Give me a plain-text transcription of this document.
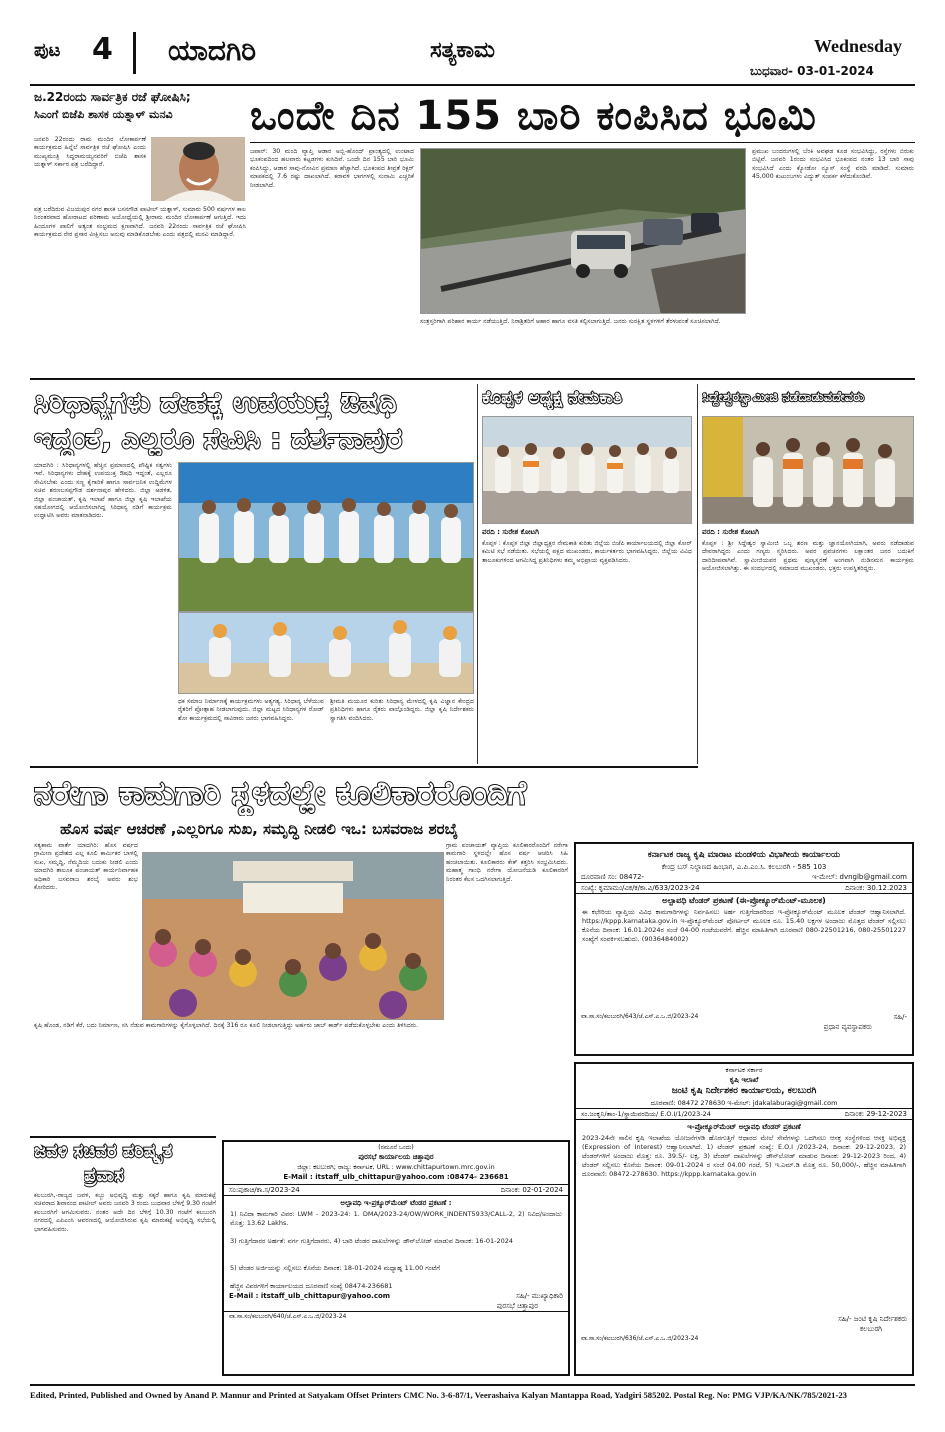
ಪುಟ 4 ಯಾದಗಿರಿ	ಸತ್ಯಕಾಮ	Wednesday
ಬುಧವಾರ- 03-01-2024
ಜ.22ರಂದು ಸಾರ್ವತ್ರಿಕ ರಜೆ ಘೋಷಿಸಿ;
ಸಿಎಂಗೆ ಬಿಜೆಪಿ ಶಾಸಕ ಯತ್ನಾಳ್ ಮನವಿ
ಜನವರಿ 22ರಂದು ರಾಮ ಮಂದಿರ ಲೋಕಾರ್ಪಣೆ ಕಾರ್ಯಕ್ರಮದ ಹಿನ್ನೆಲೆ ಸಾರ್ವತ್ರಿಕ ರಜೆ ಘೋಷಿಸಿ ಎಂದು ಮುಖ್ಯಮಂತ್ರಿ ಸಿದ್ದರಾಮಯ್ಯನವರಿಗೆ ಬಿಜೆಪಿ ಶಾಸಕ ಯತ್ನಾಳ್ ಸರ್ಕಾರ ಪತ್ರ ಬರೆದಿದ್ದಾರೆ.
ಪತ್ರ ಬರೆದಿರುವ ವಿಜಯಪುರ ನಗರ ಶಾಸಕ ಬಸನಗೌಡ ಪಾಟೀಲ್ ಯತ್ನಾಳ್, ಸುಮಾರು 500 ವರ್ಷಗಳ ಕಾಲ ನಿರಂತರವಾದ ಹೋರಾಟದ ಪರಿಣಾಮ ಅಯೋಧ್ಯೆಯಲ್ಲಿ ಶ್ರೀರಾಮ ಮಂದಿರ ಲೋಕಾರ್ಪಣೆ ಆಗುತ್ತಿದೆ. ಇದು ಹಿಂದೂಗಳ ಪಾಲಿಗೆ ಅತ್ಯಂತ ಸಂಭ್ರಮದ ಕ್ಷಣವಾಗಿದೆ. ಜನವರಿ 22ರಂದು ಸಾರ್ವತ್ರಿಕ ರಜೆ ಘೋಷಿಸಿ ಕಾರ್ಯಕ್ರಮದ ನೇರ ಪ್ರಸಾರ ವೀಕ್ಷಿಸಲು ಅನುವು ಮಾಡಿಕೊಡಬೇಕು ಎಂದು ಪತ್ರದಲ್ಲಿ ಮನವಿ ಮಾಡಿದ್ದಾರೆ.
ಒಂದೇ ದಿನ 155 ಬಾರಿ ಕಂಪಿಸಿದ ಭೂಮಿ
ಜಪಾನ್: 30 ಮಂದಿ ವ್ಯಾಪ್ತಿ ಆಡಾರ ಅಬ್ಬಿ-ಹೊಂದ್ ಪ್ರಾಂತ್ಯದಲ್ಲಿ ಉಂಟಾದ ಭೂಕಂಪದಿಂದ ಹಲವಾರು ಕಟ್ಟಡಗಳು ಕುಸಿದಿವೆ. ಒಂದೇ ದಿನ 155 ಬಾರಿ ಭೂಮಿ ಕಂಪಿಸಿದ್ದು, ಆಡಾರ ಸಾವು-ನೋವಿನ ಪ್ರಮಾಣ ಹೆಚ್ಚಾಗಿದೆ. ಭೂಕಂಪದ ತೀವ್ರತೆ ರಿಕ್ಟರ್ ಮಾಪಕದಲ್ಲಿ 7.6 ರಷ್ಟು ದಾಖಲಾಗಿದೆ. ಕರಾವಳಿ ಭಾಗಗಳಲ್ಲಿ ಸುನಾಮಿ ಎಚ್ಚರಿಕೆ ನೀಡಲಾಗಿದೆ.
ಸಂತ್ರಸ್ತರಿಗಾಗಿ ಪರಿಹಾರ ಕಾರ್ಯ ನಡೆಯುತ್ತಿದೆ. ನಿರಾಶ್ರಿತರಿಗೆ ಆಹಾರ ಹಾಗೂ ವಸತಿ ಕಲ್ಪಿಸಲಾಗುತ್ತಿದೆ. ಜನರು ಸುರಕ್ಷಿತ ಸ್ಥಳಗಳಿಗೆ ತೆರಳುವಂತೆ ಸೂಚಿಸಲಾಗಿದೆ.
ಪ್ರಮುಖ ಬಂದರುಗಳಲ್ಲಿ ಬೆಂಕಿ ಅವಘಡ ಕೂಡ ಸಂಭವಿಸಿದ್ದು, ರಸ್ತೆಗಳು ಬಿರುಕು ಬಿಟ್ಟಿವೆ. ಜನವರಿ 1ರಂದು ಸಂಭವಿಸಿದ ಭೂಕಂಪದ ನಂತರ 13 ಬಾರಿ ಸಾವು ಸಂಭವಿಸಿದೆ ಎಂದು ಕ್ಯೋಡೋ ನ್ಯೂಸ್ ಸಂಸ್ಥೆ ವರದಿ ಮಾಡಿದೆ. ಸುಮಾರು 45,000 ಕುಟುಂಬಗಳು ವಿದ್ಯುತ್ ಸಂಪರ್ಕ ಕಳೆದುಕೊಂಡಿವೆ.
ಸಿರಿಧಾನ್ಯಗಳು ದೇಹಕ್ಕೆ ಉಪಯುಕ್ತ ಔಷಧಿ
ಇದ್ದಂತೆ, ಎಲ್ಲರೂ ಸೇವಿಸಿ : ದರ್ಶನಾಪುರ
ಯಾದಗಿರಿ : ಸಿರಿಧಾನ್ಯಗಳಲ್ಲಿ ಹೆಚ್ಚಿನ ಪ್ರಮಾಣದಲ್ಲಿ ಪೌಷ್ಟಿಕ ಸತ್ವಗಳು ಇವೆ. ಸಿರಿಧಾನ್ಯಗಳು ದೇಹಕ್ಕೆ ಉಪಯುಕ್ತ ಔಷಧಿ ಇದ್ದಂತೆ, ಎಲ್ಲರೂ ಸೇವಿಸಬೇಕು ಎಂದು ಸಣ್ಣ ಕೈಗಾರಿಕೆ ಹಾಗೂ ಸಾರ್ವಜನಿಕ ಉದ್ದಿಮೆಗಳ ಸಚಿವ ಶರಣಬಸಪ್ಪಗೌಡ ದರ್ಶನಾಪುರ ಹೇಳಿದರು. ಜಿಲ್ಲಾ ಆಡಳಿತ, ಜಿಲ್ಲಾ ಪಂಚಾಯತ್, ಕೃಷಿ ಇಲಾಖೆ ಹಾಗೂ ಜಿಲ್ಲಾ ಕೃಷಿ ಇಲಾಖೆಯ ಸಹಯೋಗದಲ್ಲಿ ಆಯೋಜಿಸಲಾಗಿದ್ದ ಸಿರಿಧಾನ್ಯ ನಡಿಗೆ ಕಾರ್ಯಕ್ರಮ ಉದ್ಘಾಟಿಸಿ ಅವರು ಮಾತನಾಡಿದರು.
ಧಕ ಸಮಾಜ ನಿರ್ಮಾಣಕ್ಕೆ ಕಾರ್ಯಕ್ರಮಗಳು ಅತ್ಯಗತ್ಯ. ಸಿರಿಧಾನ್ಯ ಬೆಳೆಯುವ ರೈತರಿಗೆ ಪ್ರೋತ್ಸಾಹ ನೀಡಲಾಗುವುದು. ಜಿಲ್ಲಾ ಮಟ್ಟದ ಸಿರಿಧಾನ್ಯಗಳ ರೋಡ್ ಶೋ ಕಾರ್ಯಕ್ರಮದಲ್ಲಿ ಸಾವಿರಾರು ಜನರು ಭಾಗವಹಿಸಿದ್ದರು.
ಶ್ರೀಮತಿ ಮಯೂರ ಕುರಿತು ಸಿರಿಧಾನ್ಯ ಮೇಳದಲ್ಲಿ ಕೃಷಿ ವಿಜ್ಞಾನ ಕೇಂದ್ರದ ಪ್ರತಿನಿಧಿಗಳು ಹಾಗೂ ರೈತರು ಪಾಲ್ಗೊಂಡಿದ್ದರು. ಜಿಲ್ಲಾ ಕೃಷಿ ನಿರ್ದೇಶಕರು ಸ್ವಾಗತಿಸಿ ವಂದಿಸಿದರು.
ಕೊಪ್ಪಳ ಅಧ್ಯಕ್ಷ ನೇಮಕಾತಿ
ವರದಿ : ಸುರೇಶ ಕೋಟಗಿ
ಕೊಪ್ಪಳ : ಕೊಪ್ಪಳ ಜಿಲ್ಲಾ ಜಿಲ್ಲಾಧ್ಯಕ್ಷರ ನೇಮಕಾತಿ ಕುರಿತು ಜಿಲ್ಲೆಯ ಬಿಜೆಪಿ ಕಾರ್ಯಾಲಯದಲ್ಲಿ ಜಿಲ್ಲಾ ಕೋರ್ ಕಮಿಟಿ ಸಭೆ ನಡೆಯಿತು. ಸಭೆಯಲ್ಲಿ ಪಕ್ಷದ ಮುಖಂಡರು, ಕಾರ್ಯಕರ್ತರು ಭಾಗವಹಿಸಿದ್ದರು. ಜಿಲ್ಲೆಯ ವಿವಿಧ ತಾಲೂಕುಗಳಿಂದ ಆಗಮಿಸಿದ್ದ ಪ್ರತಿನಿಧಿಗಳು ತಮ್ಮ ಅಭಿಪ್ರಾಯ ವ್ಯಕ್ತಪಡಿಸಿದರು.
ಸಿದ್ದೇಶ್ವರಸ್ವಾಮೀಜಿ ನಡೆದಾಡುವದೇವರು
ವರದಿ : ಸುರೇಶ ಕೋಟಗಿ
ಕೊಪ್ಪಳ : ಶ್ರೀ ಸಿದ್ದೇಶ್ವರ ಸ್ವಾಮೀಜಿ ಒಬ್ಬ ಶರಣ ಮತ್ತು ಜ್ಞಾನಯೋಗಿಯಾಗಿ, ಅವರು ನಡೆದಾಡುವ ದೇವರಾಗಿದ್ದರು ಎಂದು ಗಣ್ಯರು ಸ್ಮರಿಸಿದರು. ಅವರ ಪ್ರವಚನಗಳು ಲಕ್ಷಾಂತರ ಜನರ ಬದುಕಿಗೆ ದಾರಿದೀಪವಾಗಿವೆ. ಸ್ವಾಮೀಜಿಯವರ ಪ್ರಥಮ ಪುಣ್ಯಸ್ಮರಣೆ ಅಂಗವಾಗಿ ನುಡಿನಮನ ಕಾರ್ಯಕ್ರಮ ಆಯೋಜಿಸಲಾಗಿತ್ತು. ಈ ಸಂದರ್ಭದಲ್ಲಿ ಸಮಾಜದ ಮುಖಂಡರು, ಭಕ್ತರು ಉಪಸ್ಥಿತರಿದ್ದರು.
ನರೇಗಾ ಕಾಮಗಾರಿ ಸ್ಥಳದಲ್ಲೇ ಕೂಲಿಕಾರರೊಂದಿಗೆ
ಹೊಸ ವರ್ಷ ಆಚರಣೆ ,ಎಲ್ಲರಿಗೂ ಸುಖ, ಸಮೃದ್ಧಿ ನೀಡಲಿ ಇಒ: ಬಸವರಾಜ ಶರಬೈ
ಸತ್ಯಕಾಮ ವಾರ್ತೆ ಯಾದಗಿರಿ: ಹೊಸ ವರ್ಷದ ಗ್ರಾಮೀಣ ಪ್ರದೇಶದ ಎಲ್ಲ ಕೂಲಿ ಕಾರ್ಮಿಕರ ಬಾಳಲ್ಲಿ ಸುಖ, ಸಮೃದ್ಧಿ, ನೆಮ್ಮದಿಯ ಬದುಕು ನೀಡಲಿ ಎಂದು ಯಾದಗಿರಿ ತಾಲೂಕ ಪಂಚಾಯತ್ ಕಾರ್ಯನಿರ್ವಾಹಕ ಅಧಿಕಾರಿ ಬಸವರಾಜ ಶರಬೈ ಅವರು ಶುಭ ಕೋರಿದರು.
ಗ್ರಾಮ ಪಂಚಾಯತ್ ವ್ಯಾಪ್ತಿಯ ಕೂಲಿಕಾರರೊಂದಿಗೆ ನರೇಗಾ ಕಾಮಗಾರಿ ಸ್ಥಳದಲ್ಲೇ ಹೊಸ ವರ್ಷ ಆಚರಿಸಿ ಸಿಹಿ ಹಂಚಲಾಯಿತು. ಕೂಲಿಕಾರರು ಕೇಕ್ ಕತ್ತರಿಸಿ ಸಂಭ್ರಮಿಸಿದರು. ಮಹಾತ್ಮ ಗಾಂಧಿ ನರೇಗಾ ಯೋಜನೆಯಡಿ ಕೂಲಿಕಾರರಿಗೆ ನಿರಂತರ ಕೆಲಸ ಒದಗಿಸಲಾಗುತ್ತಿದೆ.
ಕೃಷಿ ಹೊಂಡ, ನಡಿಗೆ ಕೆರೆ, ಬದು ನಿರ್ಮಾಣ, ಸಸಿ ನೆಡುವ ಕಾಮಗಾರಿಗಳನ್ನು ಕೈಗೊಳ್ಳಲಾಗಿದೆ. ದಿನಕ್ಕೆ 316 ರೂ ಕೂಲಿ ನೀಡಲಾಗುತ್ತಿದ್ದು ಅರ್ಹರು ಜಾಬ್ ಕಾರ್ಡ್ ಪಡೆದುಕೊಳ್ಳಬೇಕು ಎಂದು ತಿಳಿಸಿದರು.
ಕರ್ನಾಟಕ ರಾಜ್ಯ ಕೃಷಿ ಮಾರಾಟ ಮಂಡಳಿಯ ವಿಭಾಗೀಯ ಕಾರ್ಯಾಲಯ
ಕೇಂದ್ರ ಬಸ್ ನಿಲ್ದಾಣದ ಹಿಂಭಾಗ, ಎ.ಪಿ.ಎಂ.ಸಿ. ಕಲಬುರಗಿ - 585 103
ದೂರವಾಣಿ ಸಂ: 08472-	ಇ-ಮೇಲ್: dvnglb@gmail.com
ಸಂಖ್ಯೆ: ಕೃಮಾಮಂ/ವಿಕ/ಕ/ಕಾ.ವಿ/633/2023-24	ದಿನಾಂಕ: 30.12.2023
ಅಲ್ಪಾವಧಿ ಟೆಂಡರ್ ಪ್ರಕಟಣೆ (ಈ-ಪ್ರೋಕ್ಯೂರ್‌ಮೆಂಟ್-ಮೂಲಕ)
ಈ ಕಛೇರಿಯ ವ್ಯಾಪ್ತಿಯ ವಿವಿಧ ಕಾಮಗಾರಿಗಳನ್ನು ನಿರ್ವಹಿಸಲು ಅರ್ಹ ಗುತ್ತಿಗೆದಾರರಿಂದ ಇ-ಪ್ರೋಕ್ಯೂರ್‌ಮೆಂಟ್ ಮೂಲಕ ಟೆಂಡರ್ ಆಹ್ವಾನಿಸಲಾಗಿದೆ. https://kppp.karnataka.gov.in ಇ-ಪ್ರೊಕ್ಯೂರ್‌ಮೆಂಟ್ ಪೋರ್ಟಲ್ ಮೂಲಕ ರೂ. 15.40 ಲಕ್ಷಗಳ ಅಂದಾಜು ಮೊತ್ತದ ಟೆಂಡರ್ ಸಲ್ಲಿಸಲು ಕೊನೆಯ ದಿನಾಂಕ: 16.01.2024ರ ಸಂಜೆ 04-00 ಗಂಟೆಯವರೆಗೆ. ಹೆಚ್ಚಿನ ಮಾಹಿತಿಗಾಗಿ ದೂರವಾಣಿ 080-22501216, 080-25501227 ಸಂಖ್ಯೆಗೆ ಸಂಪರ್ಕಿಸಬಹುದು. (9036484002)
ವಾ.ಸಾ.ಸಂ/ಕಲಬುರಗಿ/643/ಜೆ.ಎಸ್.ಎ.ಒ.ಜಿ/2023-24	ಸಹಿ/-
ಪ್ರಧಾನ ವ್ಯವಸ್ಥಾಪಕರು
ಜವಳಿ ಸಚಿವರ ಪರಿಷ್ಕೃತ
ಪ್ರವಾಸ
ಕಲಬುರಗಿ,-ರಾಜ್ಯದ ಜವಳಿ, ಕಬ್ಬು ಅಭಿವೃದ್ಧಿ ಮತ್ತು ಸಕ್ಕರೆ ಹಾಗೂ ಕೃಷಿ ಮಾರುಕಟ್ಟೆ ಸಚಿವರಾದ ಶಿವಾನಂದ ಪಾಟೀಲ್ ಅವರು ಜನವರಿ 3 ರಂದು ಬುಧವಾರ ಬೆಳಿಗ್ಗೆ 9.30 ಗಂಟೆಗೆ ಕಲಬುರಗಿಗೆ ಆಗಮಿಸುವರು. ನಂತರ ಅದೇ ದಿನ ಬೆಳಿಗ್ಗೆ 10.30 ಗಂಟೆಗೆ ಕಲಬುರಗಿ ನಗರದಲ್ಲಿ ಎಪಿಎಂಸಿ ಆವರಣದಲ್ಲಿ ಆಯೋಜಿಸಿರುವ ಕೃಷಿ ಮಾರುಕಟ್ಟೆ ಅಭಿವೃದ್ಧಿ ಸಭೆಯಲ್ಲಿ ಭಾಗವಹಿಸುವರು.
(ನಮೂನೆ ಒಂದು)
ಪುರಸಭೆ ಕಾರ್ಯಾಲಯ ಚಿತ್ತಾಪುರ
ಜಿಲ್ಲಾ: ಕಲಬುರಗಿ; ರಾಜ್ಯ: ಕರ್ನಾಟಕ, URL : www.chittapurtown.mrc.gov.in
E-Mail : itstaff_ulb_chittapur@yahoo.com :08474- 236681
ಸಂ:ಪುಕಾಚಿ/ಕಾ.ಸ/2023-24	ದಿನಾಂಕ: 02-01-2024
ಅಲ್ಪಾವಧಿ ಇ-ಪ್ರಕ್ಯೂರ್‌ಮೆಂಟ್ ಟೆಂಡರ ಪ್ರಕಟಣೆ :
1) ನಿವಿದಾ ಕಾಮಗಾರಿ ವಿವರ: LWM - 2023-24: 1. DMA/2023-24/OW/WORK_INDENT5933/CALL-2, 2) ನಿವಿದ/ಅಂದಾಜು ಮೊತ್ತ: 13.62 Lakhs.
3) ಗುತ್ತಿಗೆದಾರರ ಅರ್ಹತೆ: ವರ್ಗ ಗುತ್ತಿಗೆದಾರರು, 4) ಬಾರಿ ಟೆಂಡರ ದಾಖಲೆಗಳನ್ನು ಡೌನ್‌ಲೋಡ್ ಮಾಡುವ ದಿನಾಂಕ: 16-01-2024
5) ಟೆಂಡರ ಅರ್ಜಿಯನ್ನು ಸಲ್ಲಿಸಲು ಕೊನೆಯ ದಿನಾಂಕ: 18-01-2024 ಮಧ್ಯಾಹ್ನ 11.00 ಗಂಟೆಗೆ
ಹೆಚ್ಚಿನ ವಿವರಗಳಿಗೆ ಕಾರ್ಯಾಲಯದ ದೂರವಾಣಿ ಸಂಖ್ಯೆ 08474-236681
E-Mail : itstaff_ulb_chittapur@yahoo.com	ಸಹಿ/- ಮುಖ್ಯಾಧಿಕಾರಿ
ಪುರಸಭೆ ಚಿತ್ತಾಪುರ
ವಾ.ಸಾ.ಸಂ/ಕಲಬುರಗಿ/640/ಜೆ.ಎಸ್.ಎ.ಒ.ಜಿ/2023-24
ಕರ್ನಾಟಕ ಸರ್ಕಾರ
ಕೃಷಿ ಇಲಾಖೆ
ಜಂಟಿ ಕೃಷಿ ನಿರ್ದೇಶಕರ ಕಾರ್ಯಾಲಯ, ಕಲಬುರಗಿ
ದೂರವಾಣಿ: 08472 278630 ಇ-ಮೇಲ್: jdakalaburagi@gmail.com
ಸಂ.ಜಂಕೃನಿ/ತಾಂ-1/ಸ್ಥಾಯಿವರದಿಯ/ E.O.I/1/2023-24	ದಿನಾಂಕ: 29-12-2023
ಇ-ಪ್ರೋಕ್ಯೂರ್‌ಮೆಂಟ್ ಅಲ್ಪಾವಧಿ ಟೆಂಡರ್ ಪ್ರಕಟಣೆ
2023-24ನೇ ಸಾಲಿನ ಕೃಷಿ ಇಲಾಖೆಯ ಯೋಜನೆಗಳಡಿ ಹೊರಗುತ್ತಿಗೆ ಆಧಾರದ ಮೇಲೆ ಸೇವೆಗಳನ್ನು ಒದಗಿಸಲು ಆಸಕ್ತ ಸಂಸ್ಥೆಗಳಿಂದ ಆಸಕ್ತಿ ಅಭಿವ್ಯಕ್ತಿ (Expression of Interest) ಆಹ್ವಾನಿಸಲಾಗಿದೆ. 1) ಟೆಂಡರ್ ಪ್ರಕಟಣೆ ಸಂಖ್ಯೆ: E.O.I /2023-24, ದಿನಾಂಕ: 29-12-2023, 2) ಟೆಂಡರ್‌ಗಳಿಗೆ ಅಂದಾಜು ಮೊತ್ತ: ರೂ. 39.5/- ಲಕ್ಷ, 3) ಟೆಂಡರ್ ದಾಖಲೆಗಳನ್ನು ಡೌನ್‌ಲೋಡ್ ಮಾಡುವ ದಿನಾಂಕ: 29-12-2023 ರಿಂದ, 4) ಟೆಂಡರ್ ಸಲ್ಲಿಸಲು ಕೊನೆಯ ದಿನಾಂಕ: 09-01-2024 ರ ಸಂಜೆ 04.00 ಗಂಟೆ, 5) ಇ.ಎಮ್.ಡಿ ಮೊತ್ತ ರೂ. 50,000/-, ಹೆಚ್ಚಿನ ಮಾಹಿತಿಗಾಗಿ ದೂರವಾಣಿ: 08472-278630. https://kppp.karnataka.gov.in
ಸಹಿ/- ಜಂಟಿ ಕೃಷಿ ನಿರ್ದೇಶಕರು
ಕಲಬುರಗಿ
ವಾ.ಸಾ.ಸಂ/ಕಲಬುರಗಿ/636/ಜೆ.ಎಸ್.ಎ.ಒ.ಜಿ/2023-24
Edited, Printed, Published and Owned by Anand P. Mannur and Printed at Satyakam Offset Printers CMC No. 3-6-87/1, Veerashaiva Kalyan Mantappa Road, Yadgiri 585202. Postal Reg. No: PMG VJP/KA/NK/785/2021-23
